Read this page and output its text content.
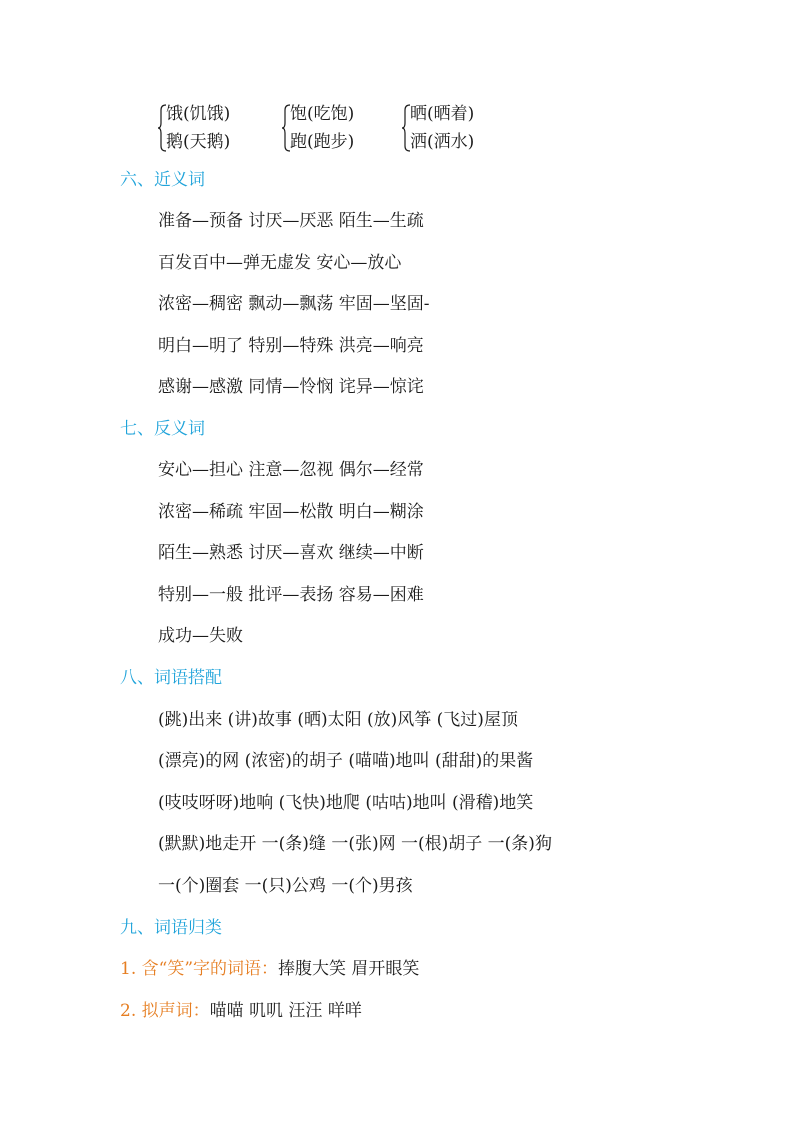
饿(饥饿)
鹅(天鹅)
饱(吃饱)
跑(跑步)
晒(晒着)
洒(洒水)
六、近义词
准备—预备 讨厌—厌恶 陌生—生疏
百发百中—弹无虚发 安心—放心
浓密—稠密 飘动—飘荡 牢固—坚固-
明白—明了 特别—特殊 洪亮—响亮
感谢—感激 同情—怜悯 诧异—惊诧
七、反义词
安心—担心 注意—忽视 偶尔—经常
浓密—稀疏 牢固—松散 明白—糊涂
陌生—熟悉 讨厌—喜欢 继续—中断
特别—一般 批评—表扬 容易—困难
成功—失败
八、词语搭配
(跳)出来 (讲)故事 (晒)太阳 (放)风筝 (飞过)屋顶
(漂亮)的网 (浓密)的胡子 (喵喵)地叫 (甜甜)的果酱
(吱吱呀呀)地响 (飞快)地爬 (咕咕)地叫 (滑稽)地笑
(默默)地走开 一(条)缝 一(张)网 一(根)胡子 一(条)狗
一(个)圈套 一(只)公鸡 一(个)男孩
九、词语归类
1. 含“笑”字的词语：捧腹大笑 眉开眼笑
2. 拟声词：喵喵 叽叽 汪汪 咩咩
